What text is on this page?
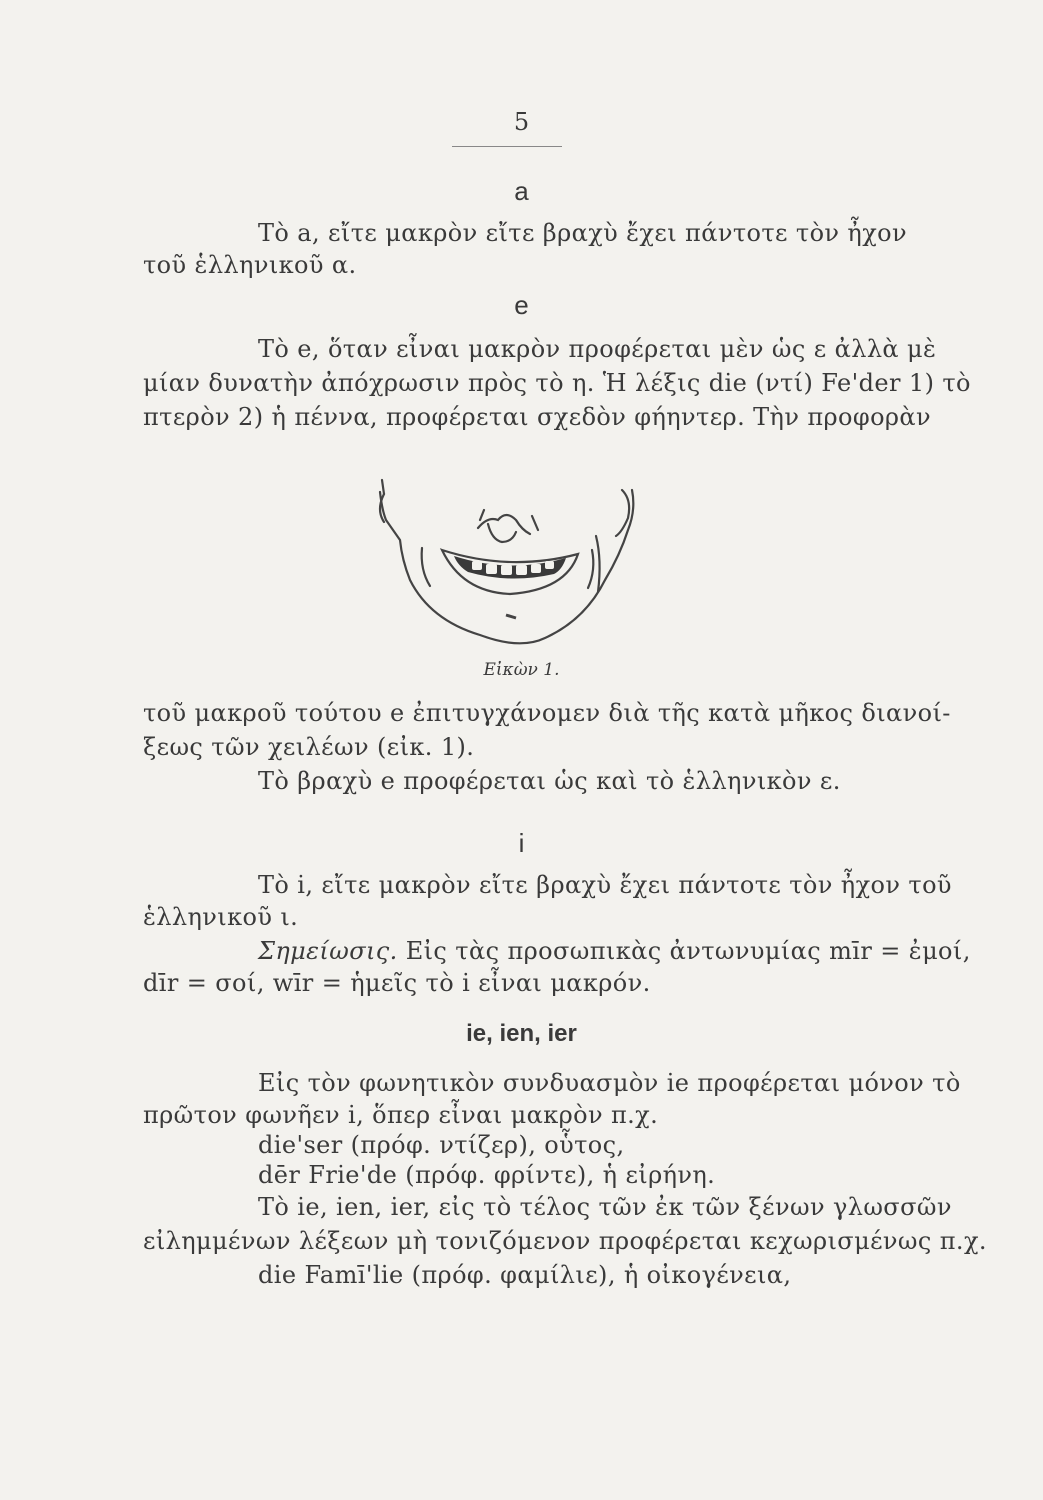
5
a
Τὸ a, εἴτε μακρὸν εἴτε βραχὺ ἔχει πάντοτε τὸν ἦχον
τοῦ ἑλληνικοῦ α.
e
Τὸ e, ὅταν εἶναι μακρὸν προφέρεται μὲν ὡς ε ἀλλὰ μὲ
μίαν δυνατὴν ἀπόχρωσιν πρὸς τὸ η. Ἡ λέξις die (ντί) Fe'der 1) τὸ
πτερὸν 2) ἡ πέννα, προφέρεται σχεδὸν φήηντερ. Τὴν προφορὰν
Εἰκὼν 1.
τοῦ μακροῦ τούτου e ἐπιτυγχάνομεν διὰ τῆς κατὰ μῆκος διανοί-
ξεως τῶν χειλέων (εἰκ. 1).
Τὸ βραχὺ e προφέρεται ὡς καὶ τὸ ἑλληνικὸν ε.
i
Τὸ i, εἴτε μακρὸν εἴτε βραχὺ ἔχει πάντοτε τὸν ἦχον τοῦ
ἑλληνικοῦ ι.
Σημείωσις. Εἰς τὰς προσωπικὰς ἀντωνυμίας mīr = ἐμοί,
dīr = σοί, wīr = ἡμεῖς τὸ i εἶναι μακρόν.
ie, ien, ier
Εἰς τὸν φωνητικὸν συνδυασμὸν ie προφέρεται μόνον τὸ
πρῶτον φωνῆεν i, ὅπερ εἶναι μακρὸν π.χ.
die'ser (πρόφ. ντίζερ), οὗτος,
dēr Frie'de (πρόφ. φρίντε), ἡ εἰρήνη.
Τὸ ie, ien, ier, εἰς τὸ τέλος τῶν ἐκ τῶν ξένων γλωσσῶν
εἰλημμένων λέξεων μὴ τονιζόμενον προφέρεται κεχωρισμένως π.χ.
die Famī'lie (πρόφ. φαμίλιε), ἡ οἰκογένεια,
